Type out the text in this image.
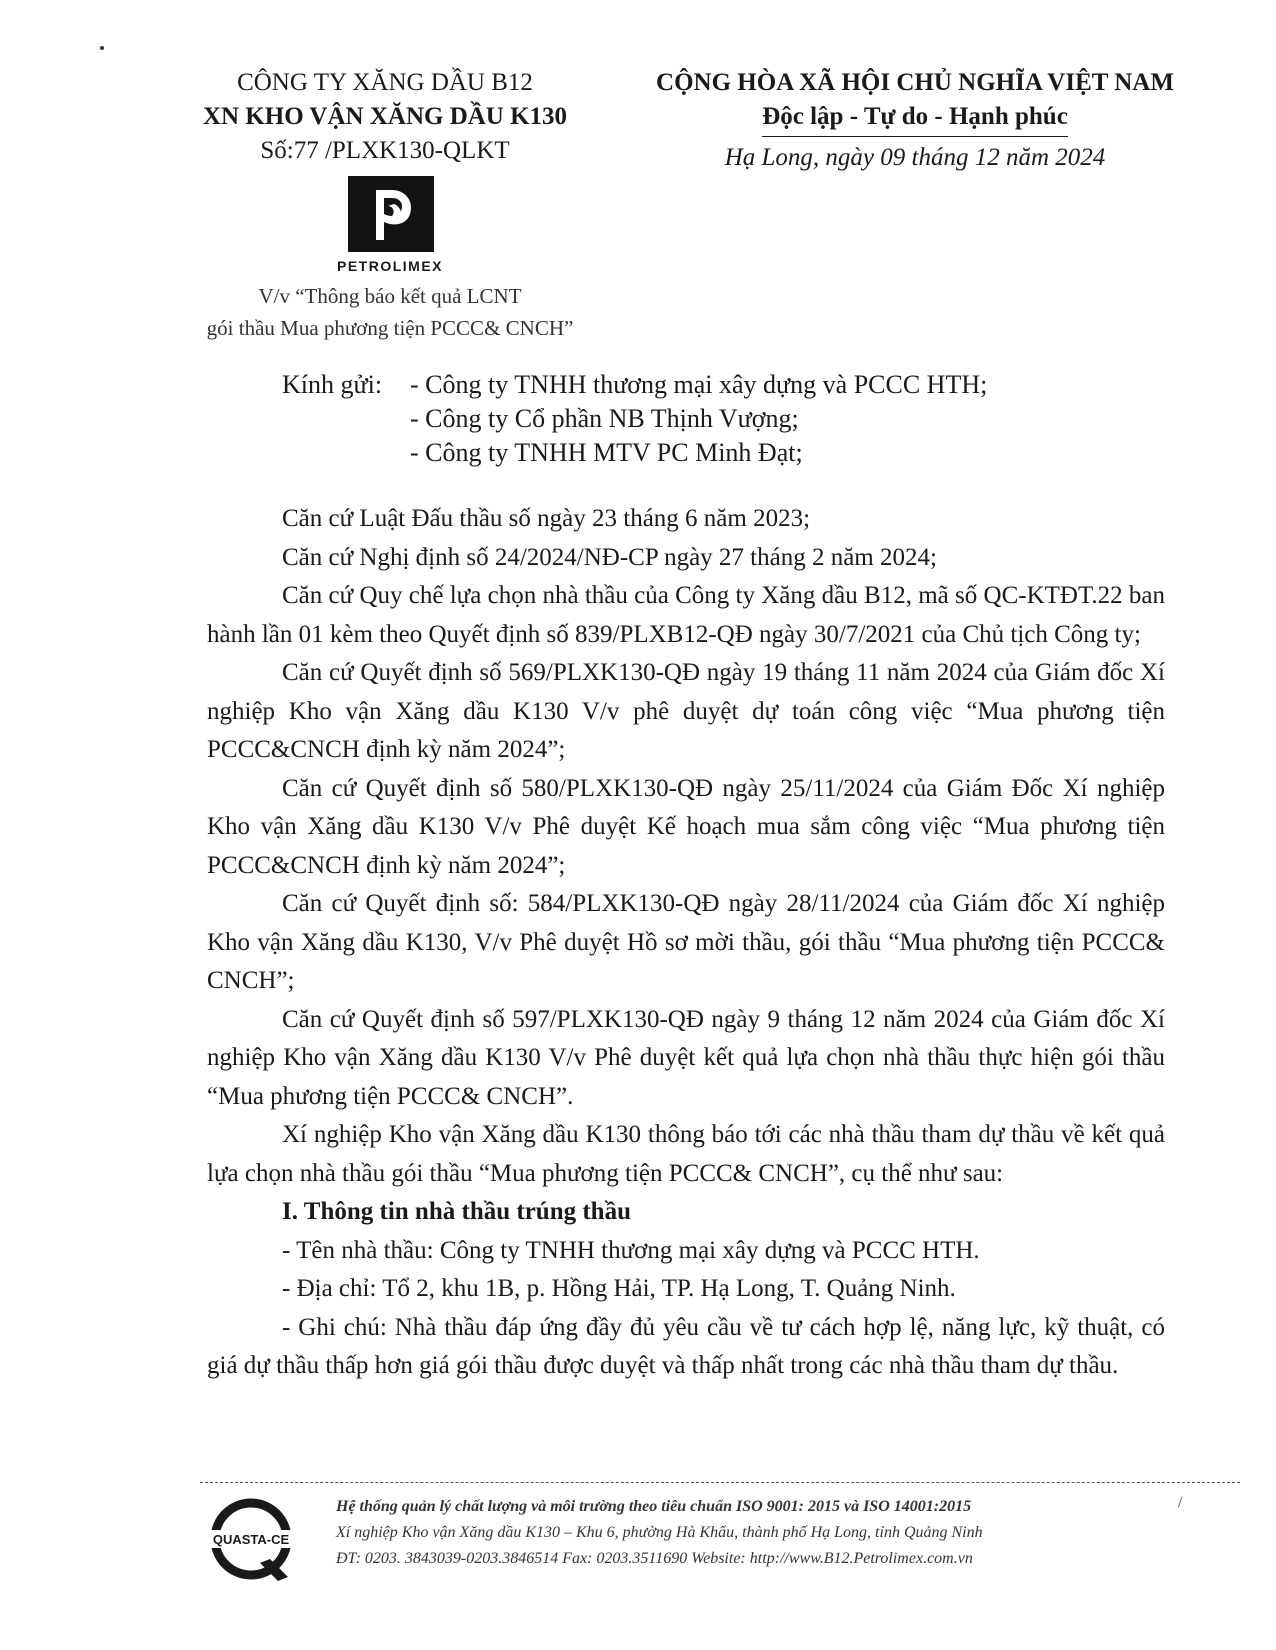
CÔNG TY XĂNG DẦU B12
XN KHO VẬN XĂNG DẦU K130
Số:77 /PLXK130-QLKT
PETROLIMEX
V/v “Thông báo kết quả LCNT
gói thầu Mua phương tiện PCCC& CNCH”
CỘNG HÒA XÃ HỘI CHỦ NGHĨA VIỆT NAM
Độc lập - Tự do - Hạnh phúc
Hạ Long, ngày 09 tháng 12 năm 2024
Kính gửi: - Công ty TNHH thương mại xây dựng và PCCC HTH;
- Công ty Cổ phần NB Thịnh Vượng;
- Công ty TNHH MTV PC Minh Đạt;

Căn cứ Luật Đấu thầu số ngày 23 tháng 6 năm 2023;

Căn cứ Nghị định số 24/2024/NĐ-CP ngày 27 tháng 2 năm 2024;

Căn cứ Quy chế lựa chọn nhà thầu của Công ty Xăng dầu B12, mã số QC-KTĐT.22 ban hành lần 01 kèm theo Quyết định số 839/PLXB12-QĐ ngày 30/7/2021 của Chủ tịch Công ty;

Căn cứ Quyết định số 569/PLXK130-QĐ ngày 19 tháng 11 năm 2024 của Giám đốc Xí nghiệp Kho vận Xăng dầu K130 V/v phê duyệt dự toán công việc “Mua phương tiện PCCC&CNCH định kỳ năm 2024”;

Căn cứ Quyết định số 580/PLXK130-QĐ ngày 25/11/2024 của Giám Đốc Xí nghiệp Kho vận Xăng dầu K130 V/v Phê duyệt Kế hoạch mua sắm công việc “Mua phương tiện PCCC&CNCH định kỳ năm 2024”;

Căn cứ Quyết định số: 584/PLXK130-QĐ ngày 28/11/2024 của Giám đốc Xí nghiệp Kho vận Xăng dầu K130, V/v Phê duyệt Hồ sơ mời thầu, gói thầu “Mua phương tiện PCCC& CNCH”;

Căn cứ Quyết định số 597/PLXK130-QĐ ngày 9 tháng 12 năm 2024 của Giám đốc Xí nghiệp Kho vận Xăng dầu K130 V/v Phê duyệt kết quả lựa chọn nhà thầu thực hiện gói thầu “Mua phương tiện PCCC& CNCH”.

Xí nghiệp Kho vận Xăng dầu K130 thông báo tới các nhà thầu tham dự thầu về kết quả lựa chọn nhà thầu gói thầu “Mua phương tiện PCCC& CNCH”, cụ thể như sau:

I. Thông tin nhà thầu trúng thầu

- Tên nhà thầu: Công ty TNHH thương mại xây dựng và PCCC HTH.

- Địa chỉ: Tổ 2, khu 1B, p. Hồng Hải, TP. Hạ Long, T. Quảng Ninh.

- Ghi chú: Nhà thầu đáp ứng đầy đủ yêu cầu về tư cách hợp lệ, năng lực, kỹ thuật, có giá dự thầu thấp hơn giá gói thầu được duyệt và thấp nhất trong các nhà thầu tham dự thầu.

QUASTA-CE
Hệ thống quản lý chất lượng và môi trường theo tiêu chuẩn ISO 9001: 2015 và ISO 14001:2015
Xí nghiệp Kho vận Xăng dầu K130 – Khu 6, phường Hà Khẩu, thành phố Hạ Long, tỉnh Quảng Ninh
ĐT: 0203. 3843039-0203.3846514 Fax: 0203.3511690 Website: http://www.B12.Petrolimex.com.vn
/
